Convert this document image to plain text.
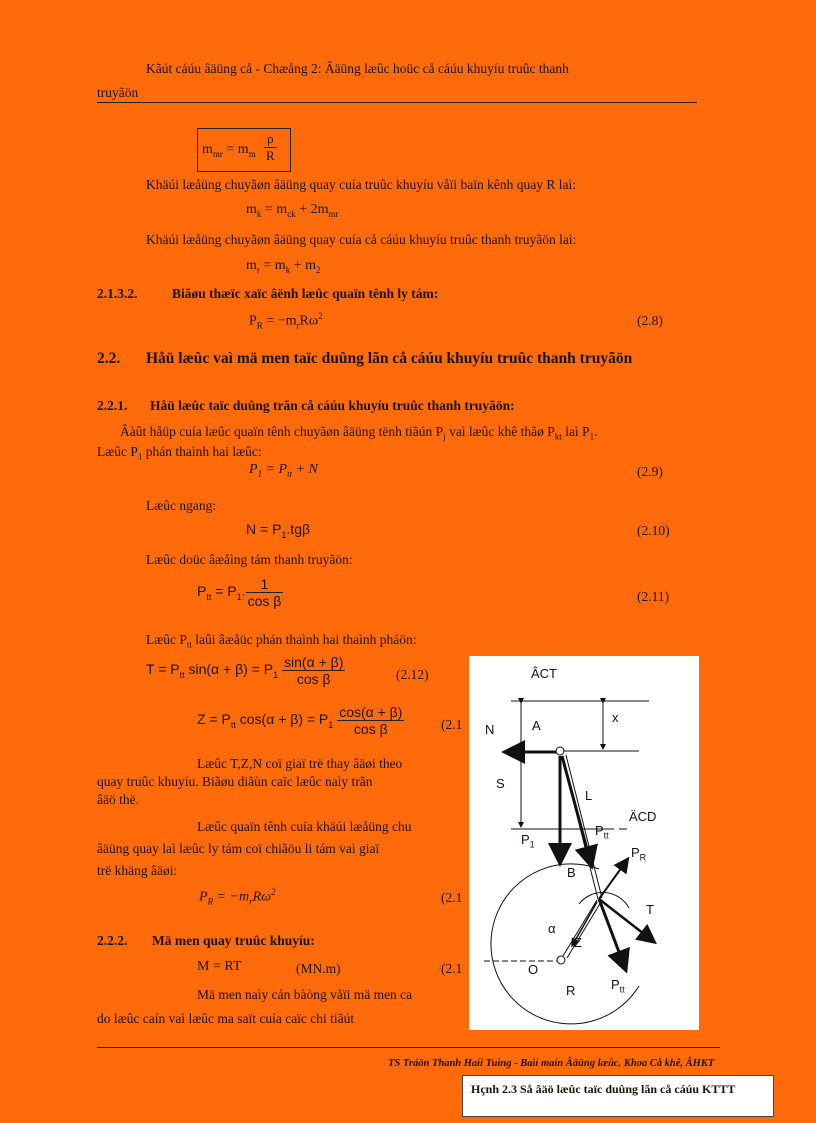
Kãút cáúu âäüng cå - Chæång 2: Âäüng læûc hoüc cå cáúu khuyíu truûc thanh
truyãön
$m_{mr} = m_m \frac{\rho}{R}$
Khäúi læåüng chuyãøn âäüng quay cuía truûc khuyíu våïi baïn kênh quay R laì:
$m_k = m_{ck} + 2m_{mr}$
Khäúi læåüng chuyãøn âäüng quay cuía cå cáúu khuyíu truûc thanh truyãön laì:
$m_r = m_k + m_2$
2.1.3.2.	Biãøu thæïc xaïc âënh læûc quaïn tênh ly tám:
$P_R = -m_rR\omega^2$	(2.8)
2.2. Håü læûc vaì mä men taïc duûng lãn cå cáúu khuyíu truûc thanh truyãön
2.2.1. Håü læûc taïc duûng trãn cå cáúu khuyíu truûc thanh truyãön:
Âàût håüp cuía læûc quaïn tênh chuyãøn âäüng tënh tiãún $P_j$ vaì læûc khê thãø $P_{kt}$ laì $P_1$.
Læûc $P_1$ phán thaình hai læûc:
$P_1 = P_{tt} + N$	(2.9)
Læûc ngang:
$N = P_1.tg\beta$	(2.10)
Læûc doüc âæåìng tám thanh truyãön:
$P_{tt} = P_1$. $\frac{1}{\text{cos β}}$	(2.11)
Læûc $P_{tt}$ laûi âæåüc phán thaình hai thaình pháön:
$T = P_{tt}$ $\sin(\alpha + \beta) = P_1 \frac{\sin(\alpha + \beta)}{\text{cos β}}$	(2.12)
$Z = P_{tt}$ $\cos(\alpha + \beta) = P_1 \frac{\cos(\alpha + \beta)}{\text{cos β}}$	(2.1
Læûc T,Z,N coï giaï trë thay âäøi theo
quay truûc khuyíu. Biãøu diãùn caïc læûc naìy trãn
âäö thë.
Læûc quaïn tênh cuía khäúi læåüng chu
âäüng quay laì læûc ly tám coï chiãöu li tám vaì giaï
trë khäng âäøi:
$P_R = -m_rR\omega^2$	(2.1
2.2.2. Mä men quay truûc khuyíu:
M = RT	(MN.m)	(2.1
Mä men naìy cán bàòng våïi mä men ca
do læûc caín vaì læûc ma saït cuía caïc chi tiãút
TS Tráön Thanh Haíi Tuìng - Baìi maín Âäüng læûc, Khoa Cå khê, ÂHKT
ÂCT
ÄCD
N	A
x
S
L
$P_1$
$P_{tt}$
$P_R$
B
T
α
Z
O
R	$P_{tt}$
Hçnh 2.3 Så âäö læûc taïc duûng lãn cå cáúu KTTT
